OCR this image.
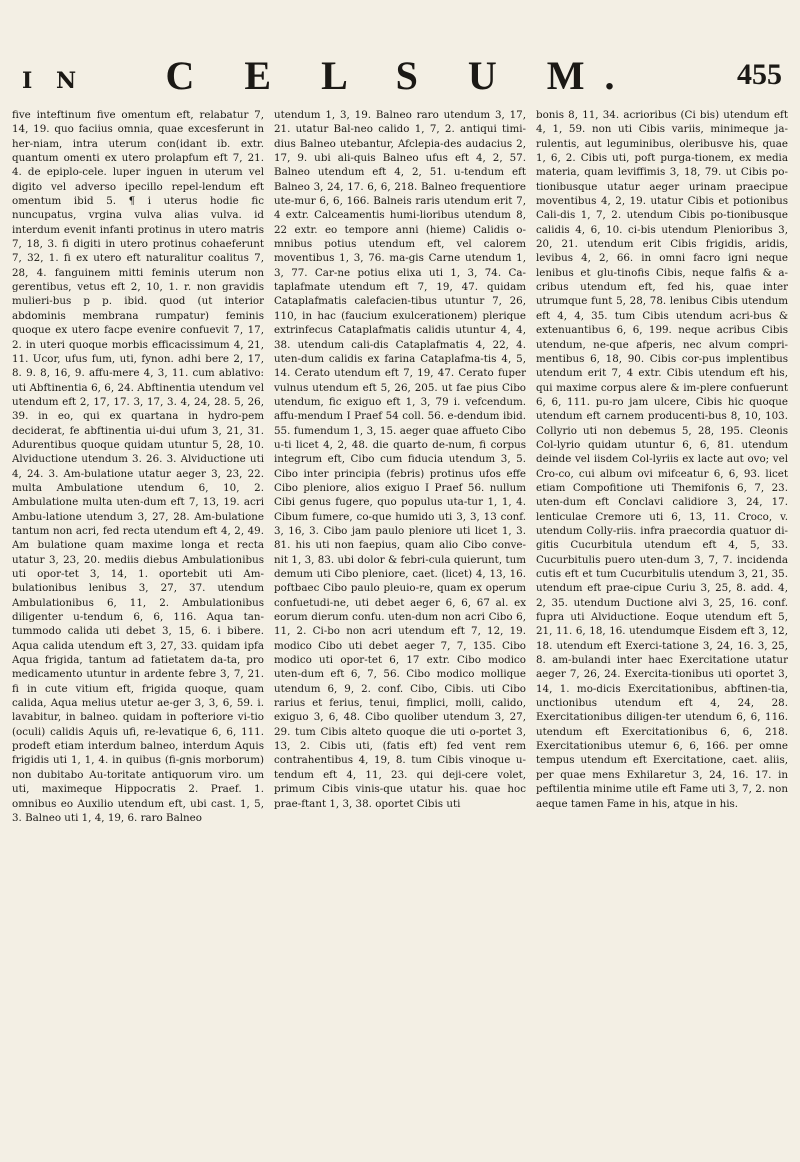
I N	C E L S U M.	455

five inteftinum five omentum eft, relabatur 7, 14, 19. quo faciius omnia, quae excesferunt in her-niam, intra uterum con(idant ib. extr. quantum omenti ex utero prolapfum eft 7, 21. 4. de epiplo-cele. luper inguen in uterum vel digito vel adverso ipecillo repel-lendum eft omentum ibid 5. ¶ i uterus hodie fic nuncupatus, vrgina vulva alias vulva. id interdum evenit infanti protinus in utero matris 7, 18, 3. fi digiti in utero protinus cohaeferunt 7, 32, 1. fi ex utero eft naturalitur coalitus 7, 28, 4. fanguinem mitti feminis uterum non gerentibus, vetus eft 2, 10, 1. r. non gravidis mulieri-bus p p. ibid. quod (ut interior abdominis membrana rumpatur) feminis quoque ex utero facpe evenire confuevit 7, 17, 2. in uteri quoque morbis efficacissimum 4, 21, 11. Ucor, ufus fum, uti, fynon. adhi bere 2, 17, 8. 9. 8, 16, 9. affu-mere 4, 3, 11. cum ablativo: uti Abftinentia 6, 6, 24. Abftinentia utendum vel utendum eft 2, 17, 17. 3, 17, 3. 4, 24, 28. 5, 26, 39. in eo, qui ex quartana in hydro-pem deciderat, fe abftinentia ui-dui ufum 3, 21, 31. Adurentibus quoque quidam utuntur 5, 28, 10. Alviductione utendum 3. 26. 3. Alviductione uti 4, 24. 3. Am-bulatione utatur aeger 3, 23, 22. multa Ambulatione utendum 6, 10, 2. Ambulatione multa uten-dum eft 7, 13, 19. acri Ambu-latione utendum 3, 27, 28. Am-bulatione tantum non acri, fed recta utendum eft 4, 2, 49. Am bulatione quam maxime longa et recta utatur 3, 23, 20. mediis diebus Ambulationibus uti opor-tet 3, 14, 1. oportebit uti Am-bulationibus lenibus 3, 27, 37. utendum Ambulationibus 6, 11, 2. Ambulationibus diligenter u-tendum 6, 6, 116. Aqua tan-tummodo calida uti debet 3, 15, 6. i bibere. Aqua calida utendum eft 3, 27, 33. quidam ipfa Aqua frigida, tantum ad fatietatem da-ta, pro medicamento utuntur in ardente febre 3, 7, 21. fi in cute vitium eft, frigida quoque, quam calida, Aqua melius utetur ae-ger 3, 3, 6, 59. i. lavabitur, in balneo. quidam in pofteriore vi-tio (oculi) calidis Aquis ufi, re-levatique 6, 6, 111. prodeft etiam interdum balneo, interdum Aquis frigidis uti 1, 1, 4. in quibus (fi-gnis morborum) non dubitabo Au-toritate antiquorum viro. um uti, maximeque Hippocratis 2. Praef. 1. omnibus eo Auxilio utendum eft, ubi cast. 1, 5, 3. Balneo uti 1, 4, 19, 6. raro Balneo

utendum 1, 3, 19. Balneo raro utendum 3, 17, 21. utatur Bal-neo calido 1, 7, 2. antiqui timi-dius Balneo utebantur, Afclepia-des audacius 2, 17, 9. ubi ali-quis Balneo ufus eft 4, 2, 57. Balneo utendum eft 4, 2, 51. u-tendum eft Balneo 3, 24, 17. 6, 6, 218. Balneo frequentiore ute-mur 6, 6, 166. Balneis raris utendum erit 7, 4 extr. Calceamentis humi-lioribus utendum 8, 22 extr. eo tempore anni (hieme) Calidis o-mnibus potius utendum eft, vel calorem moventibus 1, 3, 76. ma-gis Carne utendum 1, 3, 77. Car-ne potius elixa uti 1, 3, 74. Ca-taplafmate utendum eft 7, 19, 47. quidam Cataplafmatis calefacien-tibus utuntur 7, 26, 110, in hac (faucium exulcerationem) plerique extrinfecus Cataplafmatis calidis utuntur 4, 4, 38. utendum cali-dis Cataplafmatis 4, 22, 4. uten-dum calidis ex farina Cataplafma-tis 4, 5, 14. Cerato utendum eft 7, 19, 47. Cerato fuper vulnus utendum eft 5, 26, 205. ut fae pius Cibo utendum, fic exiguo eft 1, 3, 79 i. vefcendum. affu-mendum I Praef 54 coll. 56. e-dendum ibid. 55. fumendum 1, 3, 15. aeger quae affueto Cibo u-ti licet 4, 2, 48. die quarto de-num, fi corpus integrum eft, Cibo cum fiducia utendum 3, 5. Cibo inter principia (febris) protinus ufos effe Cibo pleniore, alios exiguo I Praef 56. nullum Cibi genus fugere, quo populus uta-tur 1, 1, 4. Cibum fumere, co-que humido uti 3, 3, 13 conf. 3, 16, 3. Cibo jam paulo pleniore uti licet 1, 3. 81. his uti non faepius, quam alio Cibo conve-nit 1, 3, 83. ubi dolor & febri-cula quierunt, tum demum uti Cibo pleniore, caet. (licet) 4, 13, 16. poftbaec Cibo paulo pleuio-re, quam ex operum confuetudi-ne, uti debet aeger 6, 6, 67 al. ex eorum dierum confu. uten-dum non acri Cibo 6, 11, 2. Ci-bo non acri utendum eft 7, 12, 19. modico Cibo uti debet aeger 7, 7, 135. Cibo modico uti opor-tet 6, 17 extr. Cibo modico uten-dum eft 6, 7, 56. Cibo modico mollique utendum 6, 9, 2. conf. Cibo, Cibis. uti Cibo rarius et ferius, tenui, fimplici, molli, calido, exiguo 3, 6, 48. Cibo quoliber utendum 3, 27, 29. tum Cibis alteto quoque die uti o-portet 3, 13, 2. Cibis uti, (fatis eft) fed vent rem contrahentibus 4, 19, 8. tum Cibis vinoque u-tendum eft 4, 11, 23. qui deji-cere volet, primum Cibis vinis-que utatur his. quae hoc prae-ftant 1, 3, 38. oportet Cibis uti

bonis 8, 11, 34. acrioribus (Ci bis) utendum eft 4, 1, 59. non uti Cibis variis, minimeque ja-rulentis, aut leguminibus, oleribusve his, quae 1, 6, 2. Cibis uti, poft purga-tionem, ex media materia, quam leviffimis 3, 18, 79. ut Cibis po-tionibusque utatur aeger urinam praecipue moventibus 4, 2, 19. utatur Cibis et potionibus Cali-dis 1, 7, 2. utendum Cibis po-tionibusque calidis 4, 6, 10. ci-bis utendum Plenioribus 3, 20, 21. utendum erit Cibis frigidis, aridis, levibus 4, 2, 66. in omni facro igni neque lenibus et glu-tinofis Cibis, neque falfis & a-cribus utendum eft, fed his, quae inter utrumque funt 5, 28, 78. lenibus Cibis utendum eft 4, 4, 35. tum Cibis utendum acri-bus & extenuantibus 6, 6, 199. neque acribus Cibis utendum, ne-que afperis, nec alvum compri-mentibus 6, 18, 90. Cibis cor-pus implentibus utendum erit 7, 4 extr. Cibis utendum eft his, qui maxime corpus alere & im-plere confuerunt 6, 6, 111. pu-ro jam ulcere, Cibis hic quoque utendum eft carnem producenti-bus 8, 10, 103. Collyrio uti non debemus 5, 28, 195. Cleonis Col-lyrio quidam utuntur 6, 6, 81. utendum deinde vel iisdem Col-lyriis ex lacte aut ovo; vel Cro-co, cui album ovi mifceatur 6, 6, 93. licet etiam Compofitione uti Themifonis 6, 7, 23. uten-dum eft Conclavi calidiore 3, 24, 17. lenticulae Cremore uti 6, 13, 11. Croco, v. utendum Colly-riis. infra praecordia quatuor di-gitis Cucurbitula utendum eft 4, 5, 33. Cucurbitulis puero uten-dum 3, 7, 7. incidenda cutis eft et tum Cucurbitulis utendum 3, 21, 35. utendum eft prae-cipue Curiu 3, 25, 8. add. 4, 2, 35. utendum Ductione alvi 3, 25, 16. conf. fupra uti Alviductione. Eoque utendum eft 5, 21, 11. 6, 18, 16. utendumque Eisdem eft 3, 12, 18. utendum eft Exerci-tatione 3, 24, 16. 3, 25, 8. am-bulandi inter haec Exercitatione utatur aeger 7, 26, 24. Exercita-tionibus uti oportet 3, 14, 1. mo-dicis Exercitationibus, abftinen-tia, unctionibus utendum eft 4, 24, 28. Exercitationibus diligen-ter utendum 6, 6, 116. utendum eft Exercitationibus 6, 6, 218. Exercitationibus utemur 6, 6, 166. per omne tempus utendum eft Exercitatione, caet. aliis, per quae mens Exhilaretur 3, 24, 16. 17. in peftilentia minime utile eft Fame uti 3, 7, 2. non aeque tamen Fame in his, atque in his.
